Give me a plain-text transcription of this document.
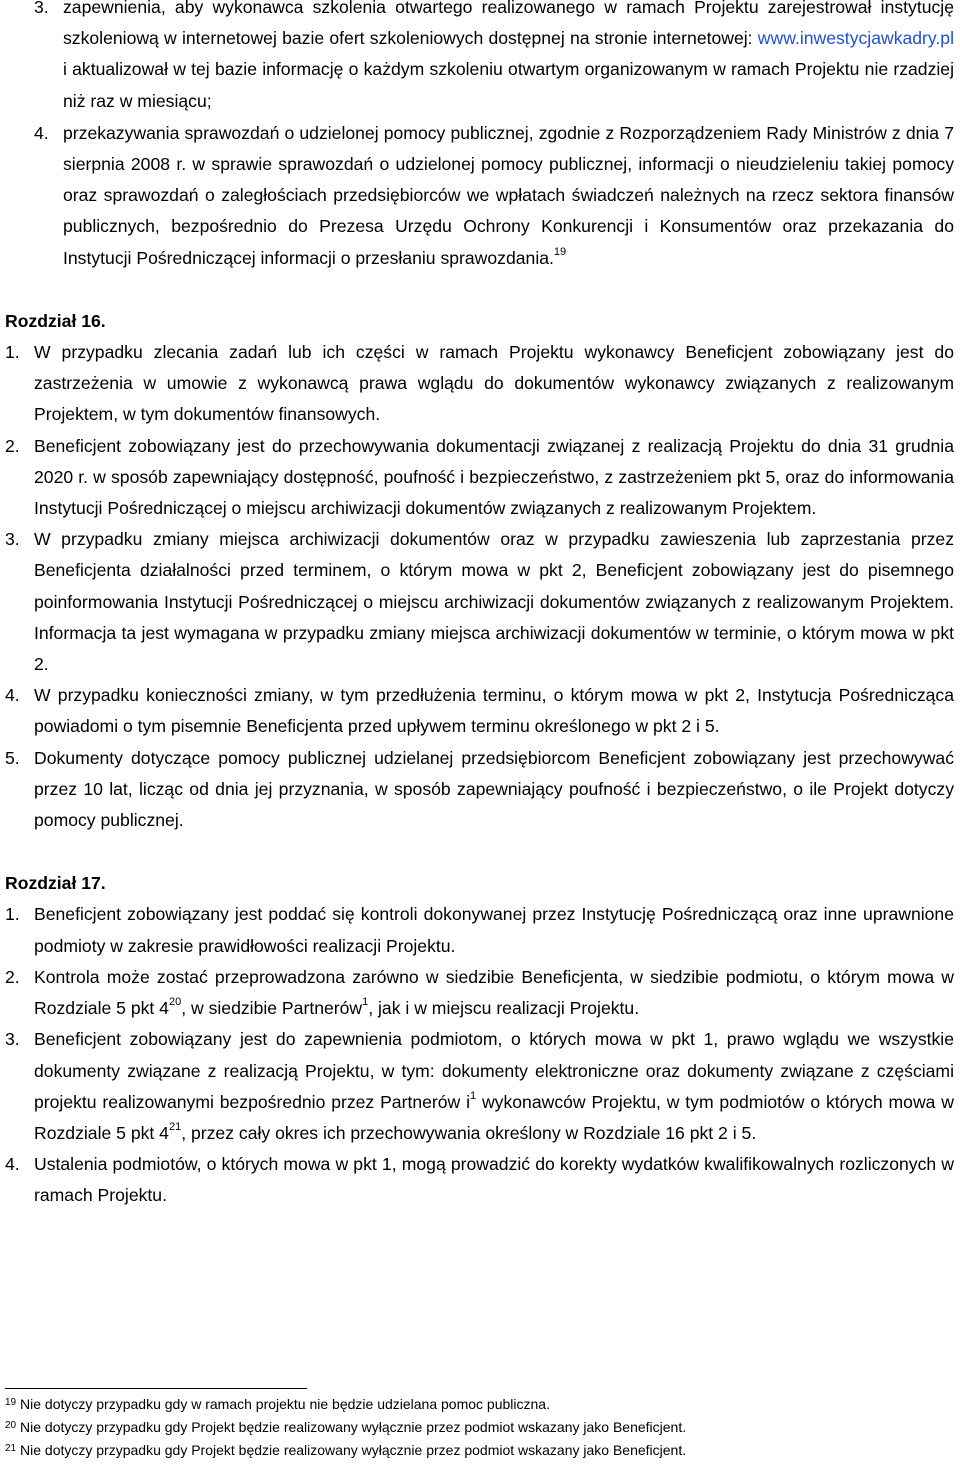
3. zapewnienia, aby wykonawca szkolenia otwartego realizowanego w ramach Projektu zarejestrował instytucję szkoleniową w internetowej bazie ofert szkoleniowych dostępnej na stronie internetowej: www.inwestycjawkadry.pl i aktualizował w tej bazie informację o każdym szkoleniu otwartym organizowanym w ramach Projektu nie rzadziej niż raz w miesiącu;
4. przekazywania sprawozdań o udzielonej pomocy publicznej, zgodnie z Rozporządzeniem Rady Ministrów z dnia 7 sierpnia 2008 r. w sprawie sprawozdań o udzielonej pomocy publicznej, informacji o nieudzieleniu takiej pomocy oraz sprawozdań o zaległościach przedsiębiorców we wpłatach świadczeń należnych na rzecz sektora finansów publicznych, bezpośrednio do Prezesa Urzędu Ochrony Konkurencji i Konsumentów oraz przekazania do Instytucji Pośredniczącej informacji o przesłaniu sprawozdania.$^{19}$
Rozdział 16.
1. W przypadku zlecania zadań lub ich części w ramach Projektu wykonawcy Beneficjent zobowiązany jest do zastrzeżenia w umowie z wykonawcą prawa wglądu do dokumentów wykonawcy związanych z realizowanym Projektem, w tym dokumentów finansowych.
2. Beneficjent zobowiązany jest do przechowywania dokumentacji związanej z realizacją Projektu do dnia 31 grudnia 2020 r. w sposób zapewniający dostępność, poufność i bezpieczeństwo, z zastrzeżeniem pkt 5, oraz do informowania Instytucji Pośredniczącej o miejscu archiwizacji dokumentów związanych z realizowanym Projektem.
3. W przypadku zmiany miejsca archiwizacji dokumentów oraz w przypadku zawieszenia lub zaprzestania przez Beneficjenta działalności przed terminem, o którym mowa w pkt 2, Beneficjent zobowiązany jest do pisemnego poinformowania Instytucji Pośredniczącej o miejscu archiwizacji dokumentów związanych z realizowanym Projektem. Informacja ta jest wymagana w przypadku zmiany miejsca archiwizacji dokumentów w terminie, o którym mowa w pkt 2.
4. W przypadku konieczności zmiany, w tym przedłużenia terminu, o którym mowa w pkt 2, Instytucja Pośrednicząca powiadomi o tym pisemnie Beneficjenta przed upływem terminu określonego w pkt 2 i 5.
5. Dokumenty dotyczące pomocy publicznej udzielanej przedsiębiorcom Beneficjent zobowiązany jest przechowywać przez 10 lat, licząc od dnia jej przyznania, w sposób zapewniający poufność i bezpieczeństwo, o ile Projekt dotyczy pomocy publicznej.
Rozdział 17.
1. Beneficjent zobowiązany jest poddać się kontroli dokonywanej przez Instytucję Pośredniczącą oraz inne uprawnione podmioty w zakresie prawidłowości realizacji Projektu.
2. Kontrola może zostać przeprowadzona zarówno w siedzibie Beneficjenta, w siedzibie podmiotu, o którym mowa w Rozdziale 5 pkt $4^{20}$, w siedzibie Partnerów$^1$, jak i w miejscu realizacji Projektu.
3. Beneficjent zobowiązany jest do zapewnienia podmiotom, o których mowa w pkt 1, prawo wglądu we wszystkie dokumenty związane z realizacją Projektu, w tym: dokumenty elektroniczne oraz dokumenty związane z częściami projektu realizowanymi bezpośrednio przez Partnerów $i^1$ wykonawców Projektu, w tym podmiotów o których mowa w Rozdziale 5 pkt $4^{21}$, przez cały okres ich przechowywania określony w Rozdziale 16 pkt 2 i 5.
4. Ustalenia podmiotów, o których mowa w pkt 1, mogą prowadzić do korekty wydatków kwalifikowalnych rozliczonych w ramach Projektu.
$^{19}$ Nie dotyczy przypadku gdy w ramach projektu nie będzie udzielana pomoc publiczna.
$^{20}$ Nie dotyczy przypadku gdy Projekt będzie realizowany wyłącznie przez podmiot wskazany jako Beneficjent.
$^{21}$ Nie dotyczy przypadku gdy Projekt będzie realizowany wyłącznie przez podmiot wskazany jako Beneficjent.
